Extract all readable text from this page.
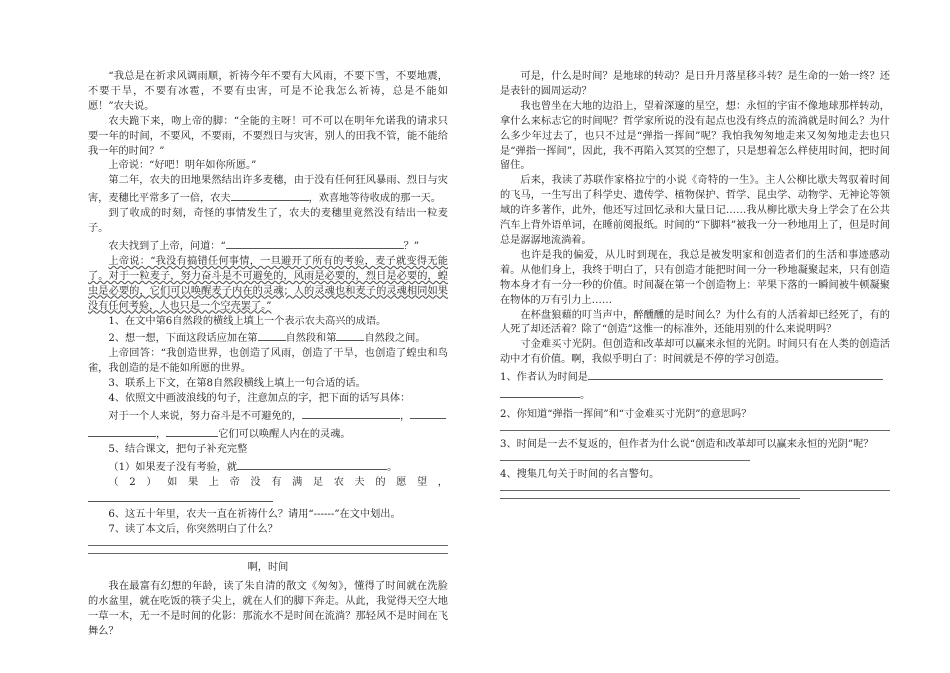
“我总是在祈求风调雨顺，祈祷今年不要有大风雨，不要下雪，不要地震，不要干旱，不要有冰雹，不要有虫害，可是不论我怎么祈祷，总是不能如愿！”农夫说。

农夫跪下来，吻上帝的脚：“全能的主呀！可不可以在明年允诺我的请求只要一年的时间，不要风，不要雨，不要烈日与灾害，别人的田我不管，能不能给我一年的时间？”

上帝说：“好吧！明年如你所愿。”

第二年，农夫的田地果然结出许多麦穗，由于没有任何狂风暴雨、烈日与灾害，麦穗比平常多了一倍，农夫	，欢喜地等待收成的那一天。

到了收成的时刻，奇怪的事情发生了，农夫的麦穗里竟然没有结出一粒麦子。

农夫找到了上帝，问道：“	？”

上帝说：“我没有搞错任何事情，一旦避开了所有的考验，麦子就变得无能了。对于一粒麦子，努力奋斗是不可避免的，风雨是必要的，烈日是必要的，蝗虫是必要的，它们可以唤醒麦子内在的灵魂；人的灵魂也和麦子的灵魂相同如果没有任何考验，人也只是一个空壳罢了。”

1、在文中第6自然段的横线上填上一个表示农夫高兴的成语。

2、想一想，下面这段话应加在第	自然段和第	自然段之间。

上帝回答：“我创造世界，也创造了风雨，创造了干旱，也创造了蝗虫和鸟雀，我创造的是不能如所愿的世界。

3、联系上下文，在第8自然段横线上填上一句合适的话。

4、依照文中画波浪线的句子，注意加点的字，把下面的话写具体：

对于一个人来说，努力奋斗是不可避免的，	，
，	它们可以唤醒人内在的灵魂。

5、结合课文，把句子补充完整

（1）如果麦子没有考验，就	。

（2）如果上帝没有满足农夫的愿望，

6、这五十年里，农夫一直在祈祷什么？请用“------”在文中划出。

7、读了本文后，你突然明白了什么？

啊，时间

我在最富有幻想的年龄，读了朱自清的散文《匆匆》，懂得了时间就在洗脸的水盆里，就在吃饭的筷子尖上，就在人们的脚下奔走。从此，我觉得天空大地一草一木，无一不是时间的化影：那流水不是时间在流淌？那轻风不是时间在飞舞么？

可是，什么是时间？是地球的转动？是日升月落星移斗转？是生命的一始一终？还是表针的圆周运动？

我也曾坐在大地的边沿上，望着深邃的星空，想：永恒的宇宙不像地球那样转动，拿什么来标志它的时间呢？哲学家所说的没有起点也没有终点的流淌就是时间么？为什么多少年过去了，也只不过是“弹指一挥间”呢？我怕我匆匆地走来又匆匆地走去也只是“弹指一挥间”，因此，我不再陷入冥冥的空想了，只是想着怎么样使用时间，把时间留住。

后来，我读了苏联作家格拉宁的小说《奇特的一生》。主人公柳比歇夫驾驭着时间的飞马，一生写出了科学史、遗传学、植物保护、哲学、昆虫学、动物学、无神论等领域的许多著作，此外，他还写过回忆录和大量日记……我从柳比歇夫身上学会了在公共汽车上背外语单词，在睡前阅报纸。时间的“下脚料”被我一分一秒地用上了，但是时间总是潺潺地流淌着。

也许是我的偏爱，从儿时到现在，我总是被发明家和创造者们的生活和事迹感动着。从他们身上，我终于明白了，只有创造才能把时间一分一秒地凝聚起来，只有创造物本身才有一分一秒的价值。时间凝在第一个创造物上：苹果下落的一瞬间被牛顿凝聚在物体的万有引力上……

在杯盘狼藉的叮当声中，醉醺醺的是时间么？为什么有的人活着却已经死了，有的人死了却还活着？除了“创造”这惟一的标准外，还能用别的什么来说明吗？

寸金难买寸光阴。但创造和改革却可以赢来永恒的光阴。时间只有在人类的创造活动中才有价值。啊，我似乎明白了：时间就是不停的学习创造。

1、作者认为时间是
。

2、你知道“弹指一挥间”和“寸金难买寸光阴”的意思吗？

3、时间是一去不复返的，但作者为什么说“创造和改革却可以赢来永恒的光阴”呢？

4、搜集几句关于时间的名言警句。
